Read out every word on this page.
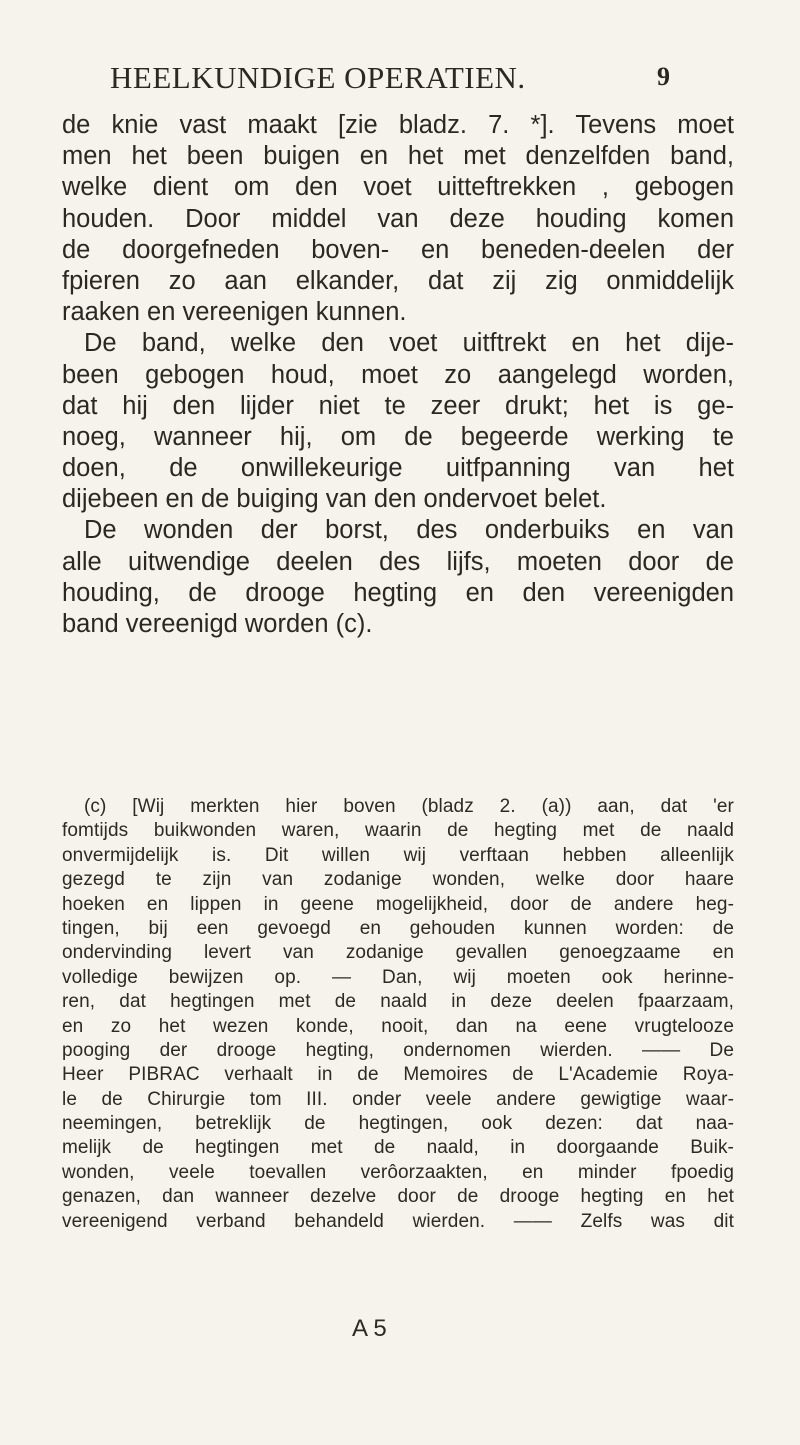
HEELKUNDIGE OPERATIEN.	9
de knie vast maakt [zie bladz. 7. *]. Tevens moet
men het been buigen en het met denzelfden band,
welke dient om den voet uitteftrekken , gebogen
houden. Door middel van deze houding komen
de doorgefneden boven- en beneden-deelen der
fpieren zo aan elkander, dat zij zig onmiddelijk
raaken en vereenigen kunnen.
De band, welke den voet uitftrekt en het dije-
been gebogen houd, moet zo aangelegd worden,
dat hij den lijder niet te zeer drukt; het is ge-
noeg, wanneer hij, om de begeerde werking te
doen, de onwillekeurige uitfpanning van het
dijebeen en de buiging van den ondervoet belet.
De wonden der borst, des onderbuiks en van
alle uitwendige deelen des lijfs, moeten door de
houding, de drooge hegting en den vereenigden
band vereenigd worden (c).
(c) [Wij merkten hier boven (bladz 2. (a)) aan, dat 'er
fomtijds buikwonden waren, waarin de hegting met de naald
onvermijdelijk is. Dit willen wij verftaan hebben alleenlijk
gezegd te zijn van zodanige wonden, welke door haare
hoeken en lippen in geene mogelijkheid, door de andere heg-
tingen, bij een gevoegd en gehouden kunnen worden: de
ondervinding levert van zodanige gevallen genoegzaame en
volledige bewijzen op. — Dan, wij moeten ook herinne-
ren, dat hegtingen met de naald in deze deelen fpaarzaam,
en zo het wezen konde, nooit, dan na eene vrugtelooze
pooging der drooge hegting, ondernomen wierden. —— De
Heer PIBRAC verhaalt in de Memoires de L'Academie Roya-
le de Chirurgie tom III. onder veele andere gewigtige waar-
neemingen, betreklijk de hegtingen, ook dezen: dat naa-
melijk de hegtingen met de naald, in doorgaande Buik-
wonden, veele toevallen verôorzaakten, en minder fpoedig
genazen, dan wanneer dezelve door de drooge hegting en het
vereenigend verband behandeld wierden. —— Zelfs was dit
A 5
